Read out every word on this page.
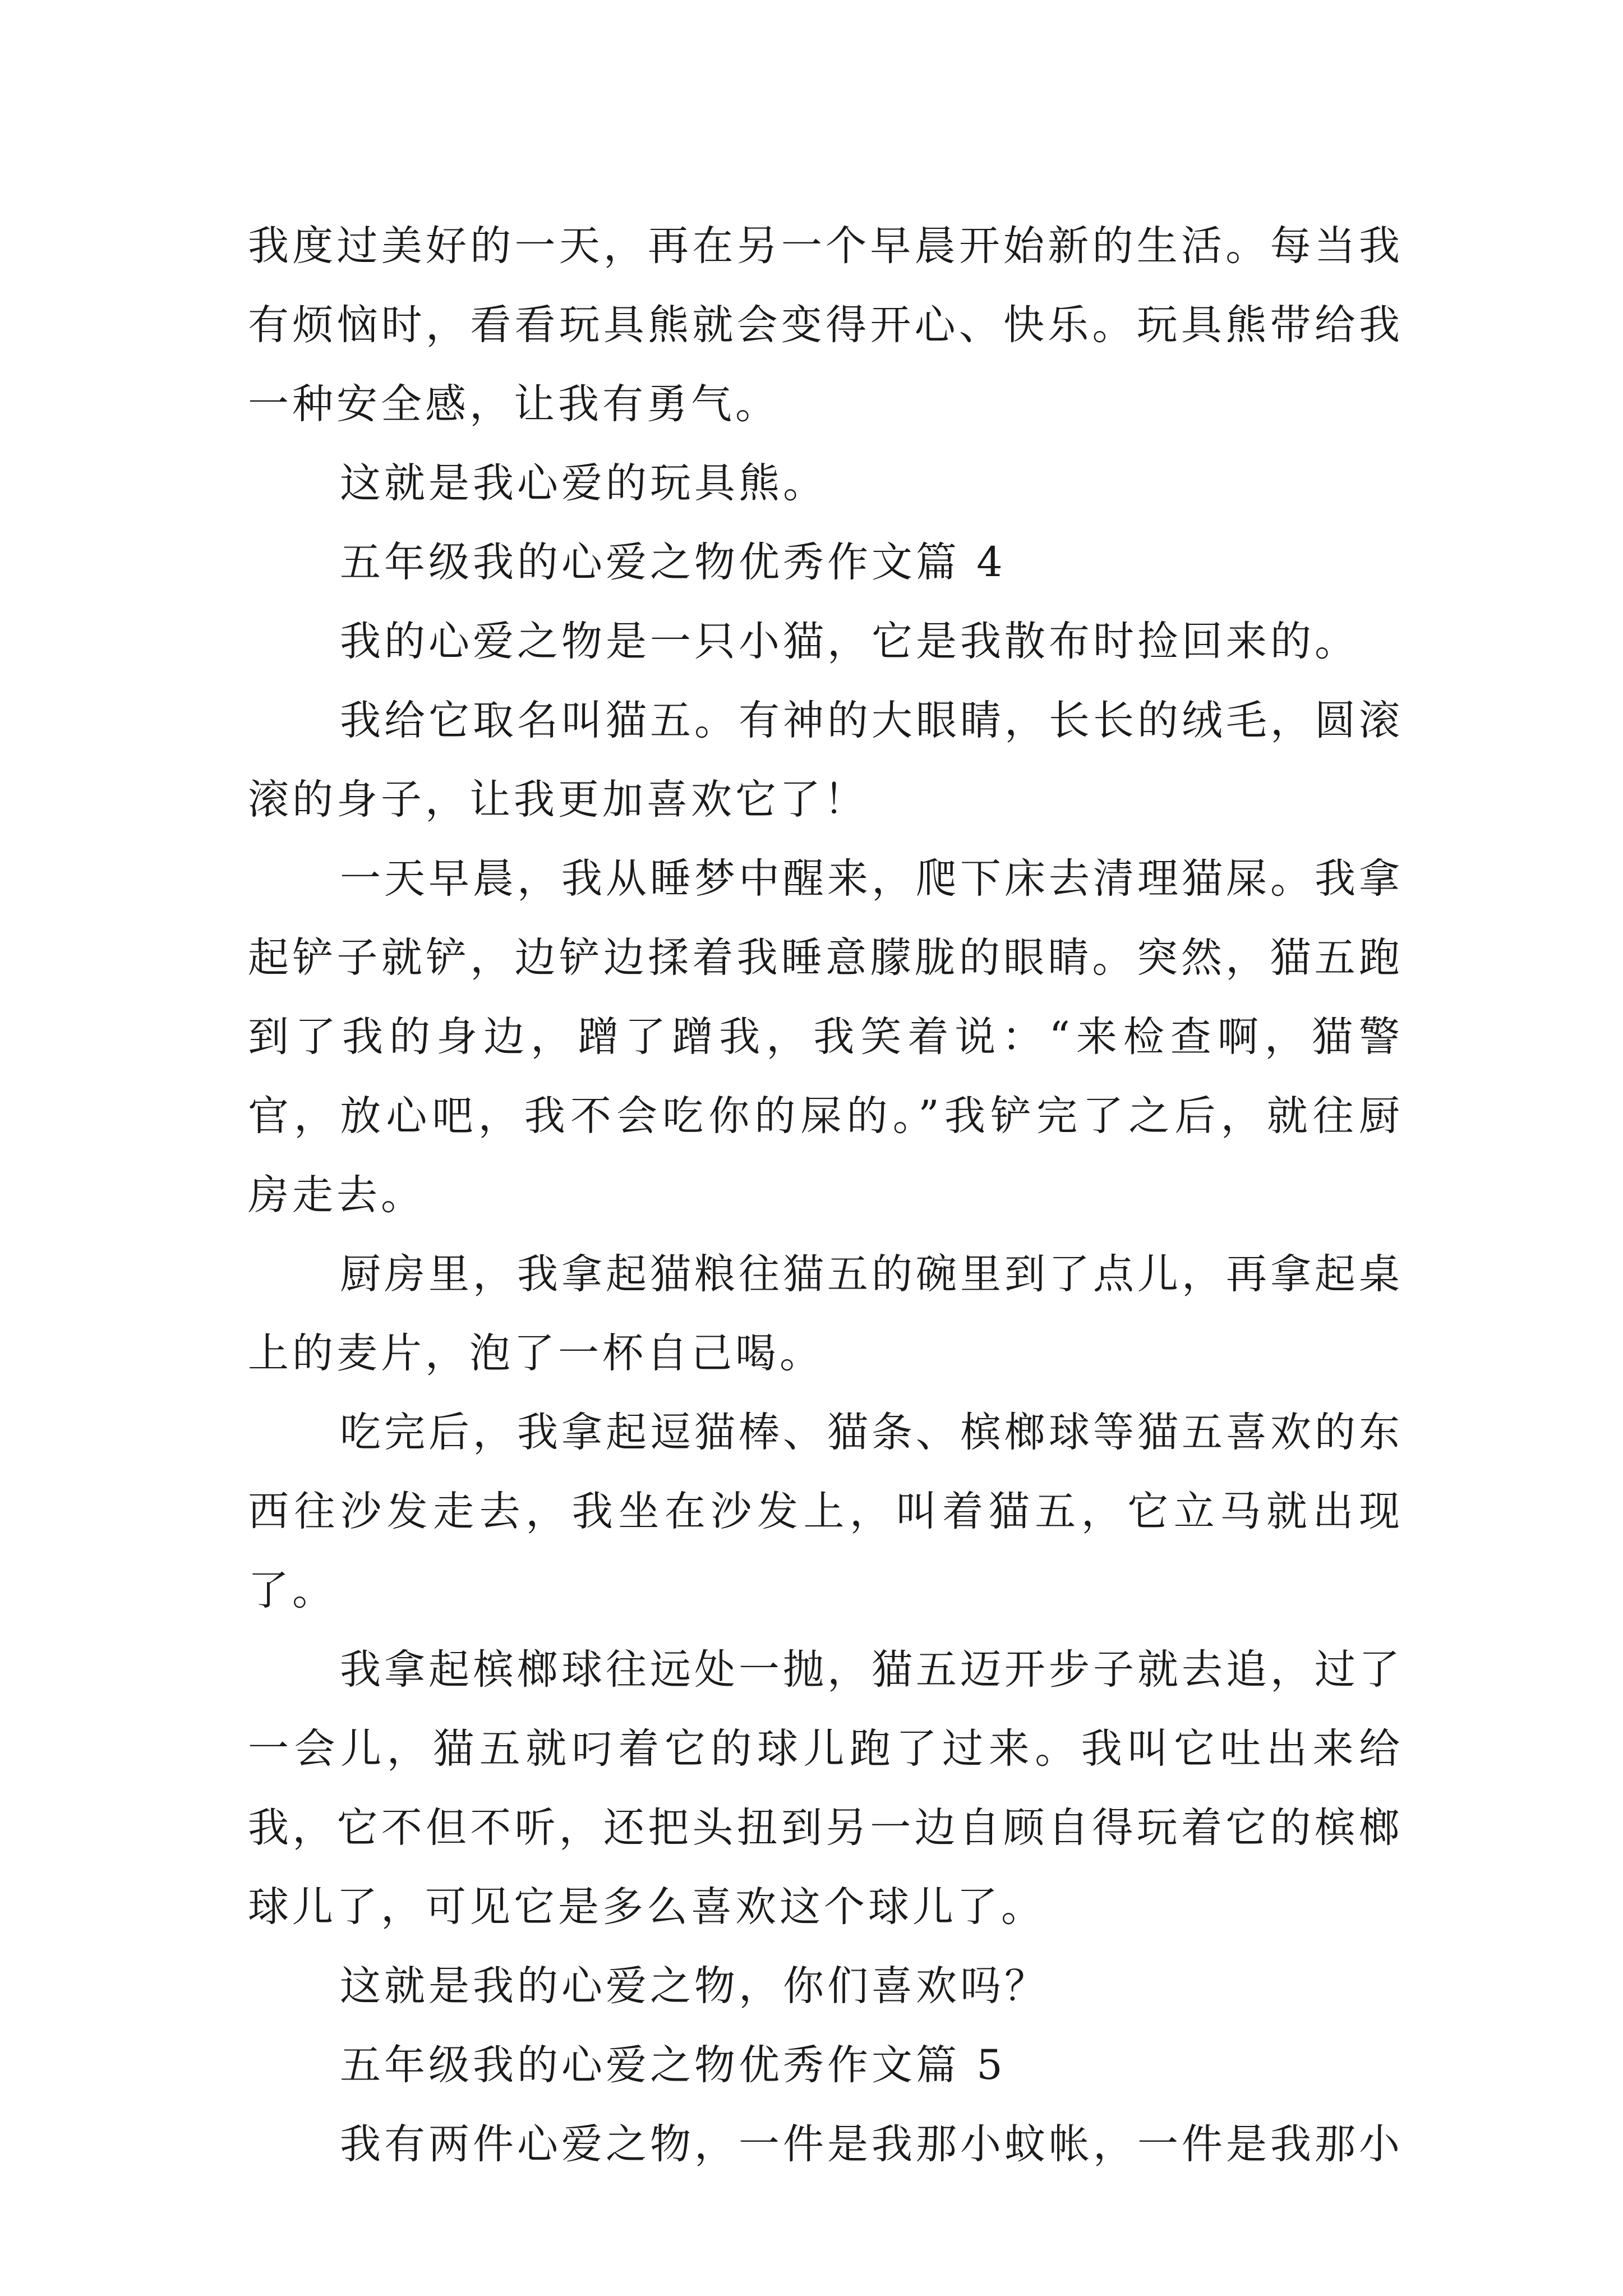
我度过美好的一天，再在另一个早晨开始新的生活。每当我有烦恼时，看看玩具熊就会变得开心、快乐。玩具熊带给我一种安全感，让我有勇气。

这就是我心爱的玩具熊。

五年级我的心爱之物优秀作文篇 4

我的心爱之物是一只小猫，它是我散布时捡回来的。

我给它取名叫猫五。有神的大眼睛，长长的绒毛，圆滚滚的身子，让我更加喜欢它了！

一天早晨，我从睡梦中醒来，爬下床去清理猫屎。我拿起铲子就铲，边铲边揉着我睡意朦胧的眼睛。突然，猫五跑到了我的身边，蹭了蹭我，我笑着说：“来检查啊，猫警官，放心吧，我不会吃你的屎的。”我铲完了之后，就往厨房走去。

厨房里，我拿起猫粮往猫五的碗里到了点儿，再拿起桌上的麦片，泡了一杯自己喝。

吃完后，我拿起逗猫棒、猫条、槟榔球等猫五喜欢的东西往沙发走去，我坐在沙发上，叫着猫五，它立马就出现了。

我拿起槟榔球往远处一抛，猫五迈开步子就去追，过了一会儿，猫五就叼着它的球儿跑了过来。我叫它吐出来给我，它不但不听，还把头扭到另一边自顾自得玩着它的槟榔球儿了，可见它是多么喜欢这个球儿了。

这就是我的心爱之物，你们喜欢吗？

五年级我的心爱之物优秀作文篇 5

我有两件心爱之物，一件是我那小蚊帐，一件是我那小
